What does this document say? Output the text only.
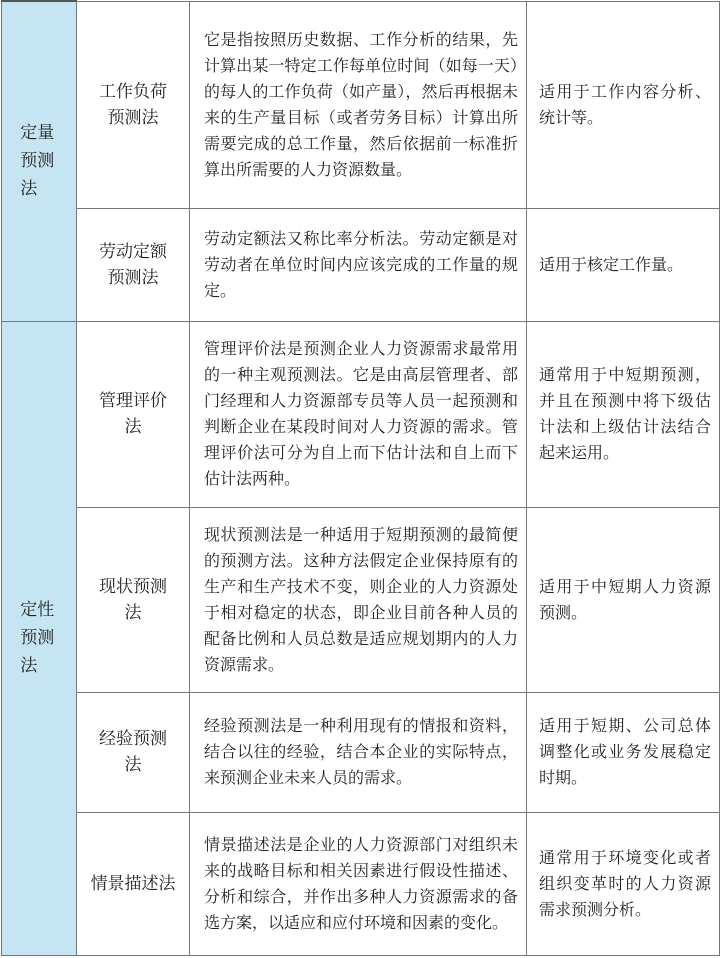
定量预测法	工作负荷预测法	它是指按照历史数据、工作分析的结果，先计算出某一特定工作每单位时间（如每一天）的每人的工作负荷（如产量），然后再根据未来的生产量目标（或者劳务目标）计算出所需要完成的总工作量，然后依据前一标准折算出所需要的人力资源数量。	适用于工作内容分析、统计等。
	劳动定额预测法	劳动定额法又称比率分析法。劳动定额是对劳动者在单位时间内应该完成的工作量的规定。	适用于核定工作量。
定性预测法	管理评价法	管理评价法是预测企业人力资源需求最常用的一种主观预测法。它是由高层管理者、部门经理和人力资源部专员等人员一起预测和判断企业在某段时间对人力资源的需求。管理评价法可分为自上而下估计法和自上而下估计法两种。	通常用于中短期预测，并且在预测中将下级估计法和上级估计法结合起来运用。
	现状预测法	现状预测法是一种适用于短期预测的最简便的预测方法。这种方法假定企业保持原有的生产和生产技术不变，则企业的人力资源处于相对稳定的状态，即企业目前各种人员的配备比例和人员总数是适应规划期内的人力资源需求。	适用于中短期人力资源预测。
	经验预测法	经验预测法是一种利用现有的情报和资料，结合以往的经验，结合本企业的实际特点，来预测企业未来人员的需求。	适用于短期、公司总体调整化或业务发展稳定时期。
	情景描述法	情景描述法是企业的人力资源部门对组织未来的战略目标和相关因素进行假设性描述、分析和综合，并作出多种人力资源需求的备选方案，以适应和应付环境和因素的变化。	通常用于环境变化或者组织变革时的人力资源需求预测分析。
